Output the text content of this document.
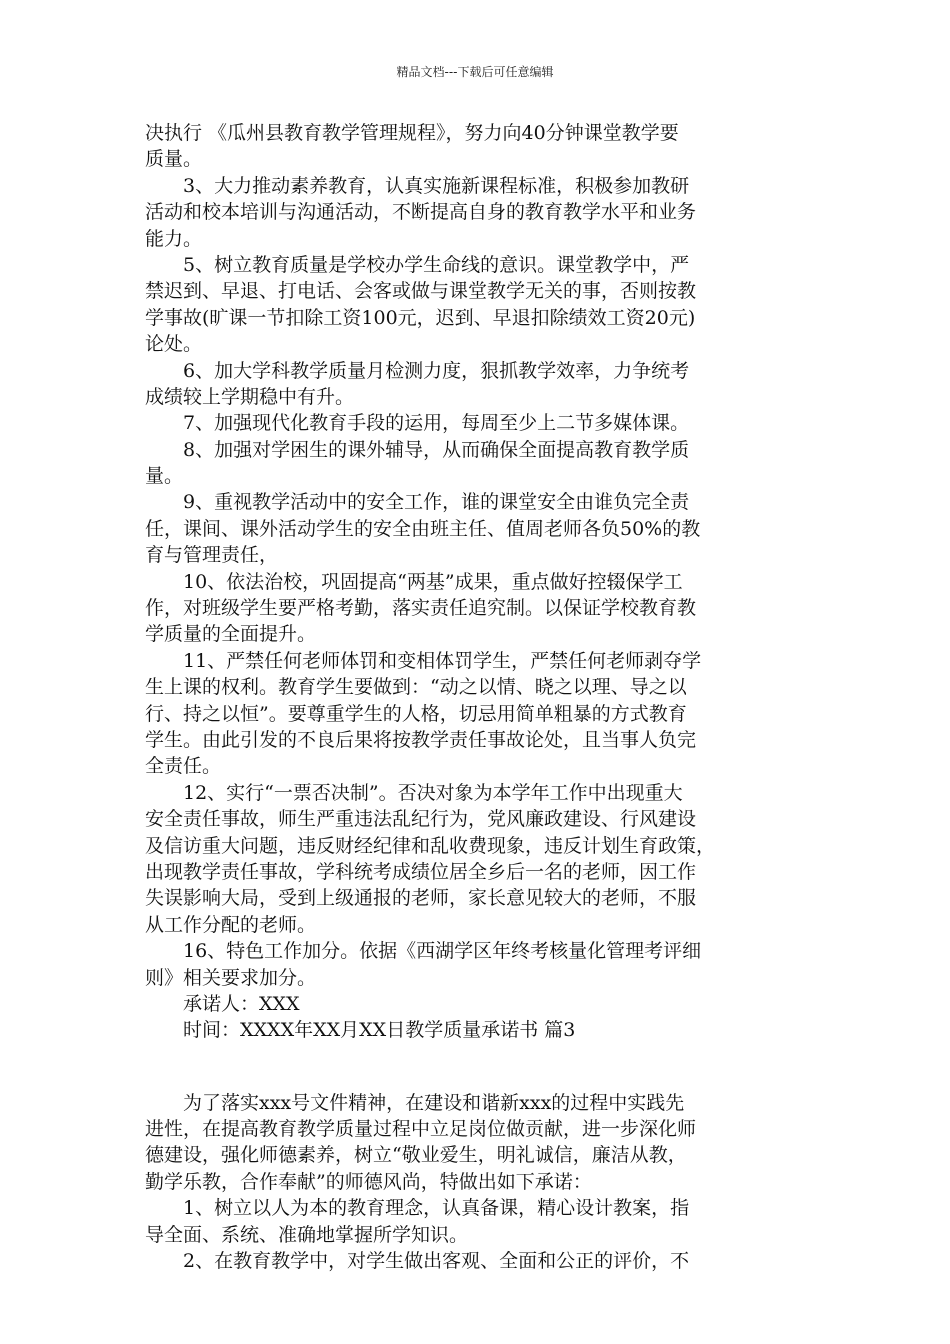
精品文档---下载后可任意编辑
决执行 《瓜州县教育教学管理规程》，努力向40分钟课堂教学要
质量。
3、大力推动素养教育，认真实施新课程标准，积极参加教研
活动和校本培训与沟通活动，不断提高自身的教育教学水平和业务
能力。
5、树立教育质量是学校办学生命线的意识。课堂教学中，严
禁迟到、早退、打电话、会客或做与课堂教学无关的事，否则按教
学事故(旷课一节扣除工资100元，迟到、早退扣除绩效工资20元)
论处。
6、加大学科教学质量月检测力度，狠抓教学效率，力争统考
成绩较上学期稳中有升。
7、加强现代化教育手段的运用，每周至少上二节多媒体课。
8、加强对学困生的课外辅导，从而确保全面提高教育教学质
量。
9、重视教学活动中的安全工作，谁的课堂安全由谁负完全责
任，课间、课外活动学生的安全由班主任、值周老师各负50%的教
育与管理责任，
10、依法治校，巩固提高“两基”成果，重点做好控辍保学工
作，对班级学生要严格考勤，落实责任追究制。以保证学校教育教
学质量的全面提升。
11、严禁任何老师体罚和变相体罚学生，严禁任何老师剥夺学
生上课的权利。教育学生要做到：“动之以情、晓之以理、导之以
行、持之以恒”。要尊重学生的人格，切忌用简单粗暴的方式教育
学生。由此引发的不良后果将按教学责任事故论处，且当事人负完
全责任。
12、实行“一票否决制”。否决对象为本学年工作中出现重大
安全责任事故，师生严重违法乱纪行为，党风廉政建设、行风建设
及信访重大问题，违反财经纪律和乱收费现象，违反计划生育政策，
出现教学责任事故，学科统考成绩位居全乡后一名的老师，因工作
失误影响大局，受到上级通报的老师，家长意见较大的老师，不服
从工作分配的老师。
16、特色工作加分。依据《西湖学区年终考核量化管理考评细
则》相关要求加分。
承诺人：XXX
时间：XXXX年XX月XX日教学质量承诺书 篇3
为了落实xxx号文件精神，在建设和谐新xxx的过程中实践先
进性，在提高教育教学质量过程中立足岗位做贡献，进一步深化师
德建设，强化师德素养，树立“敬业爱生，明礼诚信，廉洁从教，
勤学乐教，合作奉献”的师德风尚，特做出如下承诺：
1、树立以人为本的教育理念，认真备课，精心设计教案，指
导全面、系统、准确地掌握所学知识。
2、在教育教学中，对学生做出客观、全面和公正的评价，不
